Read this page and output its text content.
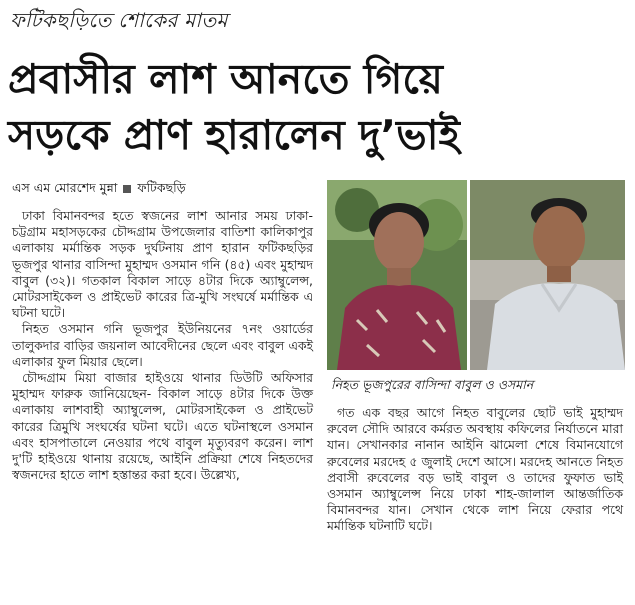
ফটিকছড়িতে শোকের মাতম
প্রবাসীর লাশ আনতে গিয়ে
সড়কে প্রাণ হারালেন দু’ভাই
এস এম মোরশেদ মুন্না ফটিকছড়ি

ঢাকা বিমানবন্দর হতে স্বজনের লাশ আনার সময় ঢাকা-চট্টগ্রাম মহাসড়কের চৌদ্দগ্রাম উপজেলার বাতিশা কালিকাপুর এলাকায় মর্মান্তিক সড়ক দুর্ঘটনায় প্রাণ হারান ফটিকছড়ির ভূজপুর থানার বাসিন্দা মুহাম্মদ ওসমান গনি (৪৫) এবং মুহাম্মদ বাবুল (৩২)। গতকাল বিকাল সাড়ে ৪টার দিকে অ্যাম্বুলেন্স, মোটরসাইকেল ও প্রাইভেট কারের ত্রি-মুখি সংঘর্ষে মর্মান্তিক এ ঘটনা ঘটে।

নিহত ওসমান গনি ভূজপুর ইউনিয়নের ৭নং ওয়ার্ডের তালুকদার বাড়ির জয়নাল আবেদীনের ছেলে এবং বাবুল একই এলাকার ফুল মিয়ার ছেলে।

চৌদ্দগ্রাম মিয়া বাজার হাইওয়ে থানার ডিউটি অফিসার মুহাম্মদ ফারুক জানিয়েছেন- বিকাল সাড়ে ৪টার দিকে উক্ত এলাকায় লাশবাহী অ্যাম্বুলেন্স, মোটরসাইকেল ও প্রাইভেট কারের ত্রিমুখি সংঘর্ষের ঘটনা ঘটে। এতে ঘটনাস্থলে ওসমান এবং হাসপাতালে নেওয়ার পথে বাবুল মৃত্যুবরণ করেন। লাশ দু'টি হাইওয়ে থানায় রয়েছে, আইনি প্রক্রিয়া শেষে নিহতদের স্বজনদের হাতে লাশ হস্তান্তর করা হবে। উল্লেখ্য,

নিহত ভূজপুরের বাসিন্দা বাবুল ও ওসমান

গত এক বছর আগে নিহত বাবুলের ছোট ভাই মুহাম্মদ রুবেল সৌদি আরবে কর্মরত অবস্থায় কফিলের নির্যাতনে মারা যান। সেখানকার নানান আইনি ঝামেলা শেষে বিমানযোগে রুবেলের মরদেহ ৫ জুলাই দেশে আসে। মরদেহ আনতে নিহত প্রবাসী রুবেলের বড় ভাই বাবুল ও তাদের ফুফাত ভাই ওসমান অ্যাম্বুলেন্স নিয়ে ঢাকা শাহ-জালাল আন্তর্জাতিক বিমানবন্দর যান। সেখান থেকে লাশ নিয়ে ফেরার পথে মর্মান্তিক ঘটনাটি ঘটে।
